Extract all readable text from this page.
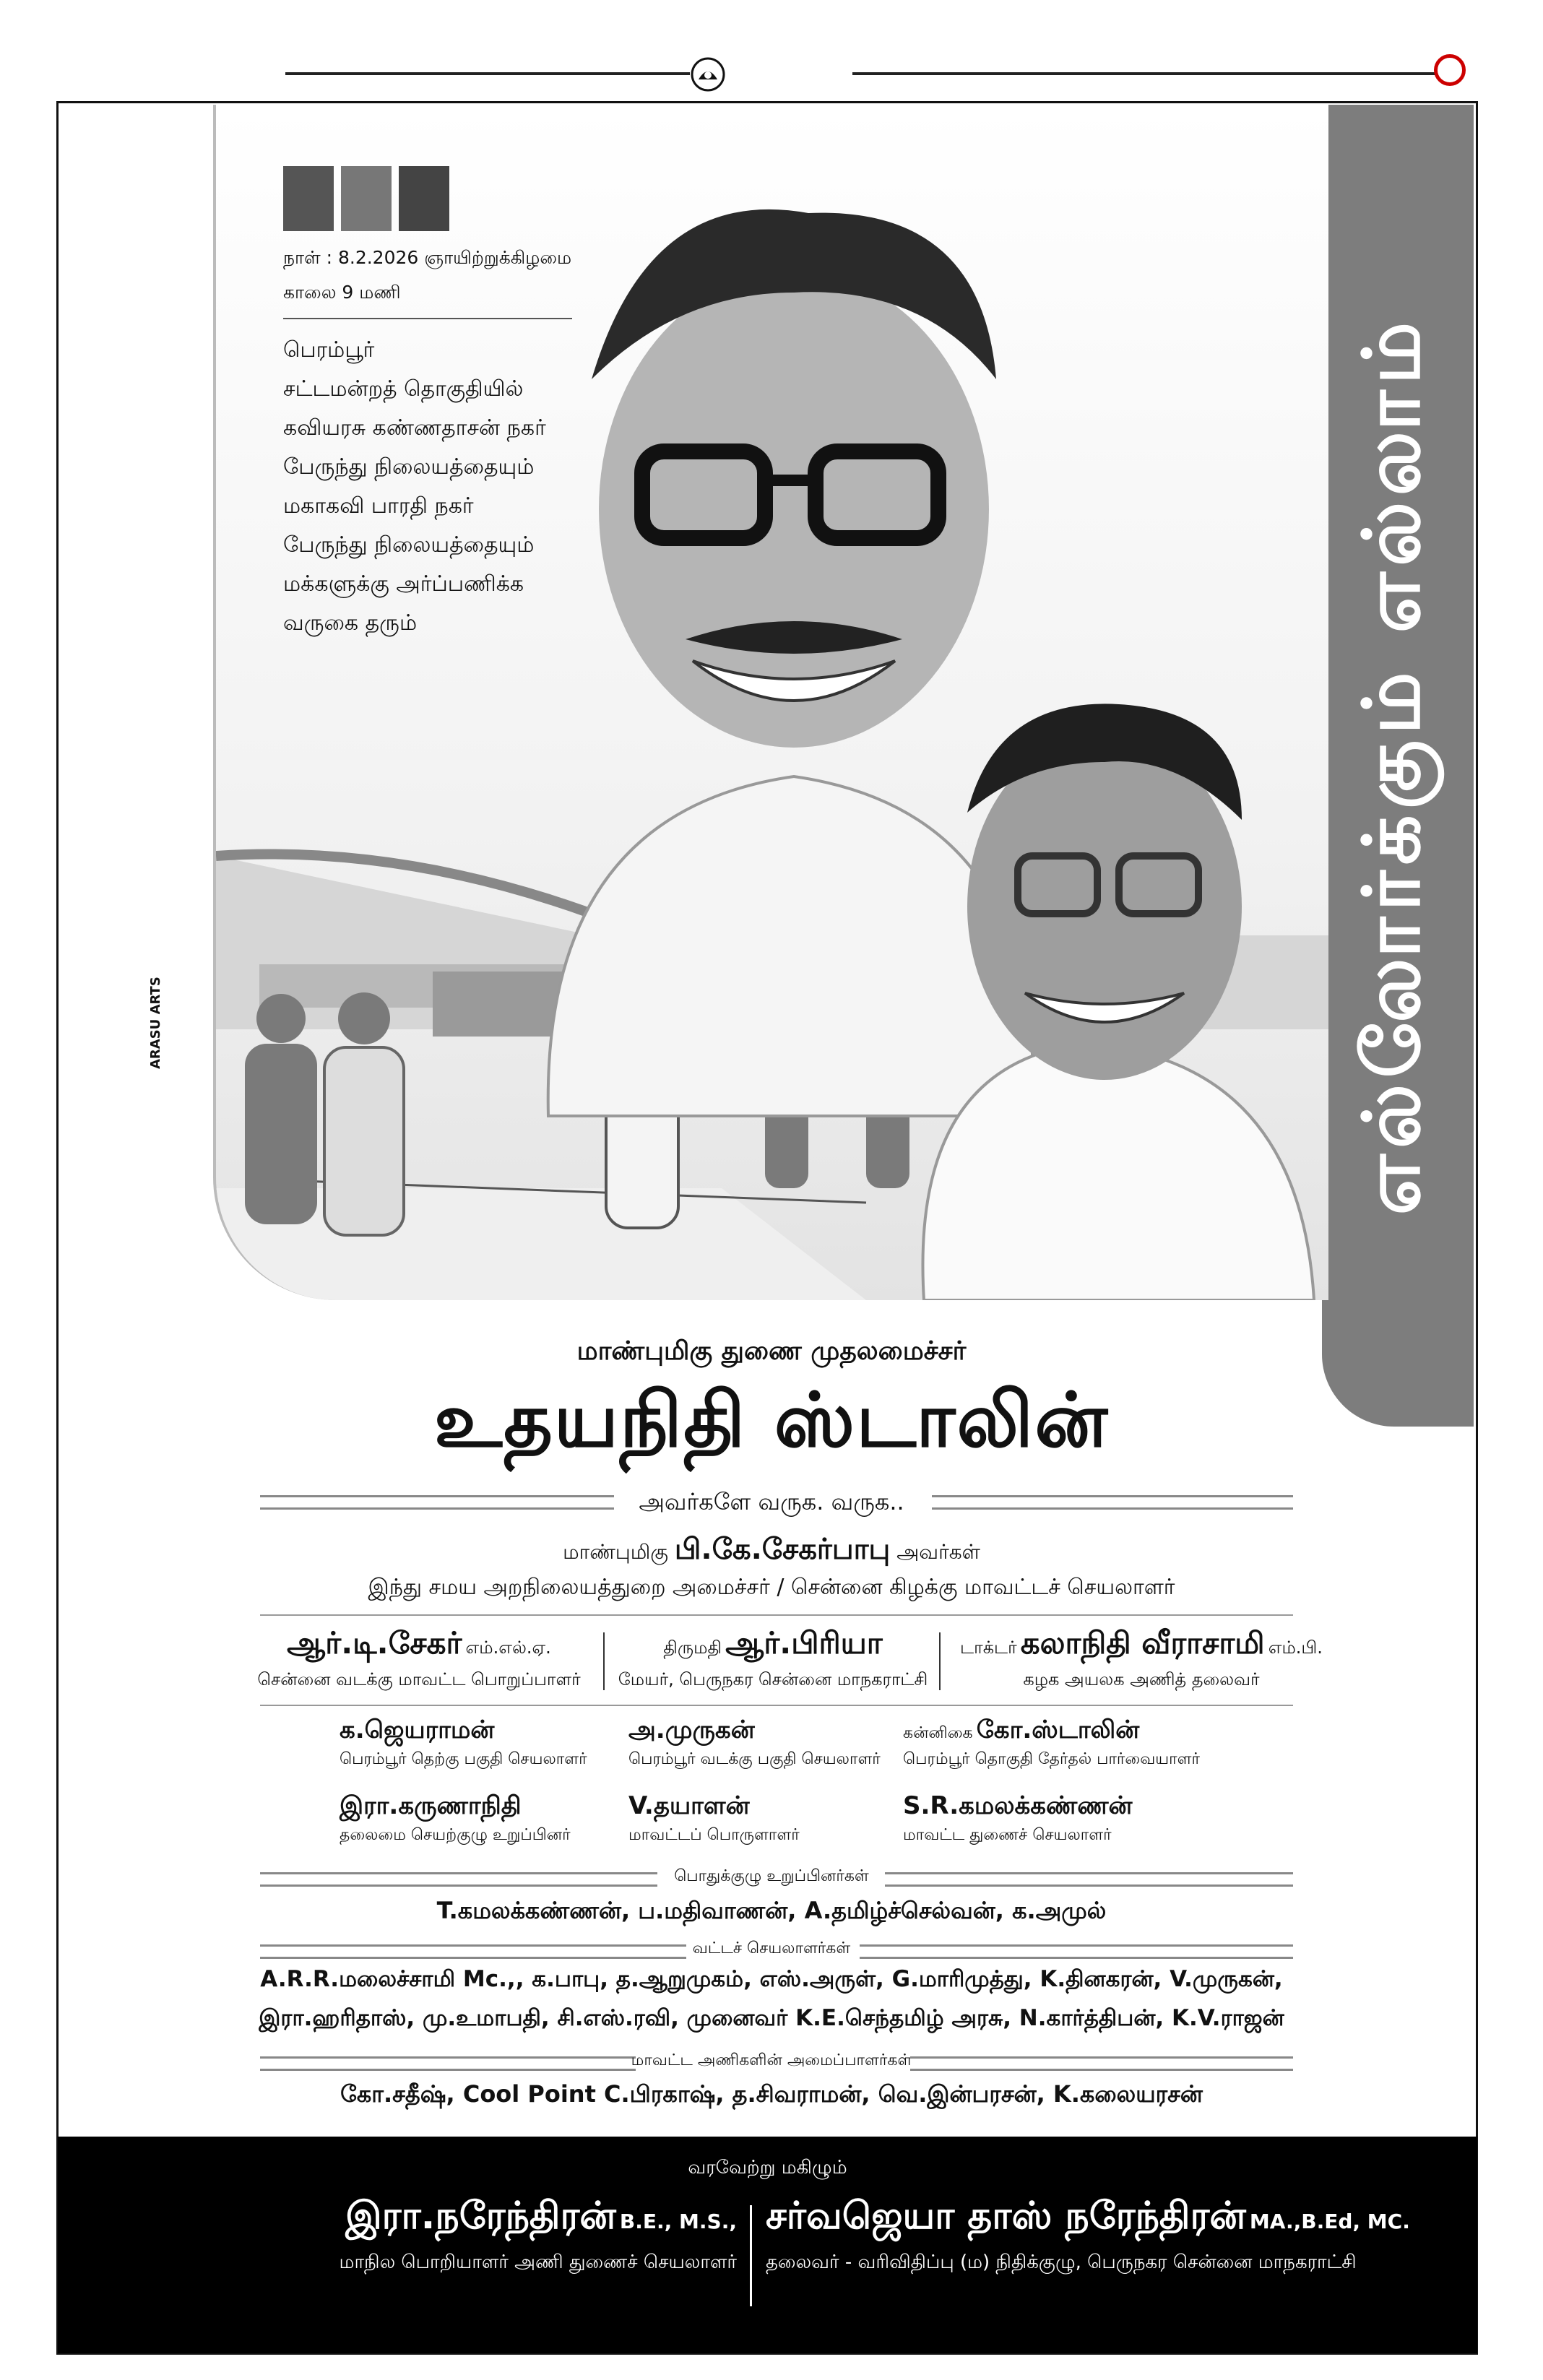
எல்லோர்க்கும் எல்லாம்
நாள் : 8.2.2026 ஞாயிற்றுக்கிழமை
காலை 9 மணி
பெரம்பூர்
சட்டமன்றத் தொகுதியில்
கவியரசு கண்ணதாசன் நகர்
பேருந்து நிலையத்தையும்
மகாகவி பாரதி நகர்
பேருந்து நிலையத்தையும்
மக்களுக்கு அர்ப்பணிக்க
வருகை தரும்
ARASU ARTS
மாண்புமிகு துணை முதலமைச்சர்
உதயநிதி ஸ்டாலின்
அவர்களே வருக. வருக..
மாண்புமிகு பி.கே.சேகர்பாபு அவர்கள்
இந்து சமய அறநிலையத்துறை அமைச்சர் / சென்னை கிழக்கு மாவட்டச் செயலாளர்
ஆர்.டி.சேகர் எம்.எல்.ஏ.
சென்னை வடக்கு மாவட்ட பொறுப்பாளர்
திருமதி ஆர்.பிரியா
மேயர், பெருநகர சென்னை மாநகராட்சி
டாக்டர் கலாநிதி வீராசாமி எம்.பி.
கழக அயலக அணித் தலைவர்
க.ஜெயராமன்
பெரம்பூர் தெற்கு பகுதி செயலாளர்
அ.முருகன்
பெரம்பூர் வடக்கு பகுதி செயலாளர்
கன்னிகை கோ.ஸ்டாலின்
பெரம்பூர் தொகுதி தேர்தல் பார்வையாளர்
இரா.கருணாநிதி
தலைமை செயற்குழு உறுப்பினர்
V.தயாளன்
மாவட்டப் பொருளாளர்
S.R.கமலக்கண்ணன்
மாவட்ட துணைச் செயலாளர்
பொதுக்குழு உறுப்பினர்கள்
T.கமலக்கண்ணன், ப.மதிவாணன், A.தமிழ்ச்செல்வன், க.அமுல்
வட்டச் செயலாளர்கள்
A.R.R.மலைச்சாமி Mc.,, க.பாபு, த.ஆறுமுகம், எஸ்.அருள், G.மாரிமுத்து, K.தினகரன், V.முருகன்,
இரா.ஹரிதாஸ், மு.உமாபதி, சி.எஸ்.ரவி, முனைவர் K.E.செந்தமிழ் அரசு, N.கார்த்திபன், K.V.ராஜன்
மாவட்ட அணிகளின் அமைப்பாளர்கள்
கோ.சதீஷ், Cool Point C.பிரகாஷ், த.சிவராமன், வெ.இன்பரசன், K.கலையரசன்
வரவேற்று மகிழும்
இரா.நரேந்திரன் B.E., M.S.,
மாநில பொறியாளர் அணி துணைச் செயலாளர்
சர்வஜெயா தாஸ் நரேந்திரன் MA.,B.Ed, MC.
தலைவர் - வரிவிதிப்பு (ம) நிதிக்குழு, பெருநகர சென்னை மாநகராட்சி
